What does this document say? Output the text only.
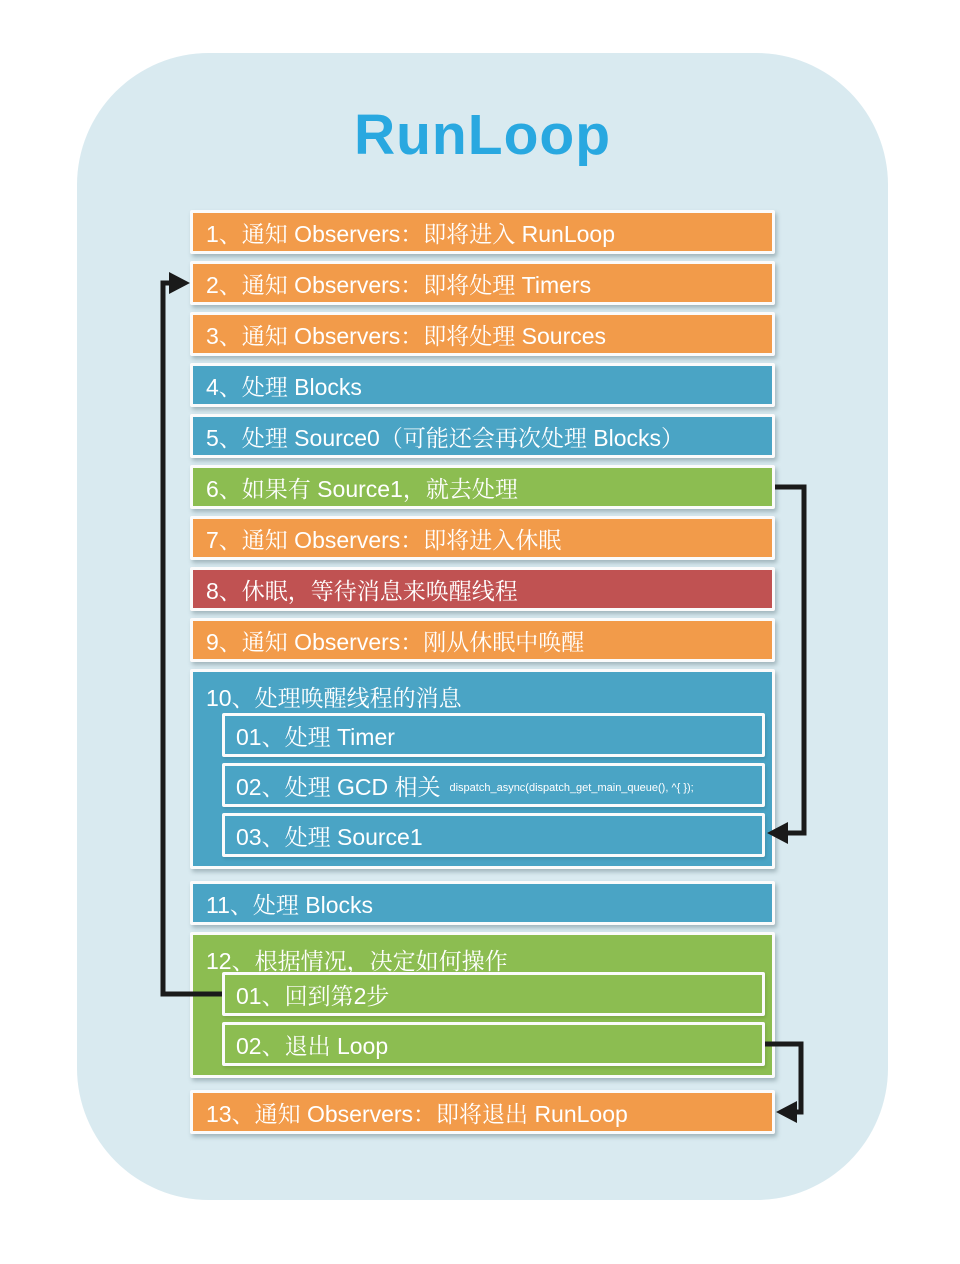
RunLoop
1、通知 Observers：即将进入 RunLoop
2、通知 Observers：即将处理 Timers
3、通知 Observers：即将处理 Sources
4、处理 Blocks
5、处理 Source0（可能还会再次处理 Blocks）
6、如果有 Source1，就去处理
7、通知 Observers：即将进入休眠
8、休眠，等待消息来唤醒线程
9、通知 Observers：刚从休眠中唤醒
10、处理唤醒线程的消息
01、处理 Timer
02、处理 GCD 相关 dispatch_async(dispatch_get_main_queue(), ^{ });
03、处理 Source1
11、处理 Blocks
12、根据情况，决定如何操作
01、回到第2步
02、退出 Loop
13、通知 Observers：即将退出 RunLoop
